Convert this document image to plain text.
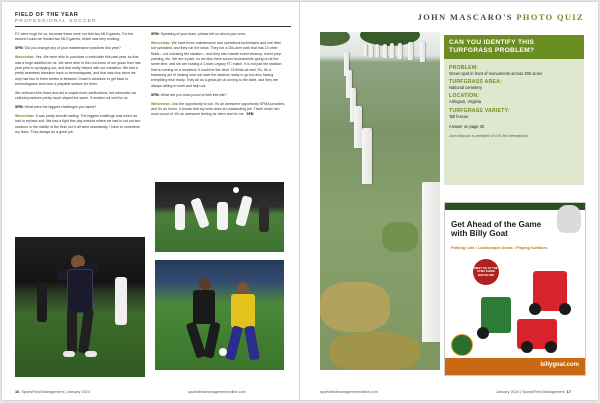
FIELD OF THE YEAR
PROFESSIONAL SOCCER

FC were huge for us, because these were our first two MLS games. For the second round we hosted two MLS games, which was very exciting.

SFM: Did you change any of your maintenance practices this year?

Wenceslao: Yes. We were able to purchase a verticutter this past year, so that was a huge addition for us. We were able to thin out some of our grass from last year prior to sprayging out, and that really helped with our transition. We had a pretty seamless transition back to bermudagrass, and that was nice since we only had two to three weeks in between Crown's schedule to get back to bermudagrass and have a playable surface for them.

We vertical a few times and did a couple more aerifications, but otherwise our cultural practices pretty much stayed the same. It worked out well for us.

SFM: What were the biggest challenges you faced?

Wenceslao: It was pretty smooth sailing. The biggest challenge was when we had to replace sod. We had a tight five-day window where we had to cut out two sections in the middle of the field, but it all went seamlessly. I have to commend my team. They always do a great job.

SFM: Speaking of your team, please tell us about your crew.

Wenceslao: We have three maintenance and operations technicians and one field turf specialist, and they run the show. They run a 200-acre park that has 13 other fields – not including the stadium – and they also handle event cleanup, event prep, painting, etc. We are a park, so we also have soccer tournaments going on at the same time, and we are hosting a Crown Legacy FC match. It is not just the stadium that is running on a weekend; it could be the other 13 fields as well. So, it's a balancing act of making sure we have the stadium ready to go but also having everything else ready. They all do a great job of coming to the table, and they are always willing to work and help out.

SFM: What are you most proud of with this site?

Wenceslao: Just the opportunity to win. It's an awesome opportunity SFMA provides, and it's an honor. It shows that my crew does an outstanding job. That's what I am most proud of. It's an awesome feeling for them and for me. SFM

16 SportsField Management | January 2024	sportsfieldmanagementonline.com
JOHN MASCARO'S PHOTO QUIZ
CAN YOU IDENTIFY THIS TURFGRASS PROBLEM?
PROBLEM:
Green spot in front of monuments across 200 acres
TURFGRASS AREA:
National cemetery
LOCATION:
Arlington, Virginia
TURFGRASS VARIETY:
Tall fescue
Answer on page 30
John Mascaro is president of Turf-Tec International.
Get Ahead of the Game with Billy Goat
Parking Lots • Landscaped Areas • Playing Surfaces
MEET US AT THE STMA SHOW BOOTH 838
billygoat.com
sportsfieldmanagementonline.com	January 2024 | SportsField Management 17
